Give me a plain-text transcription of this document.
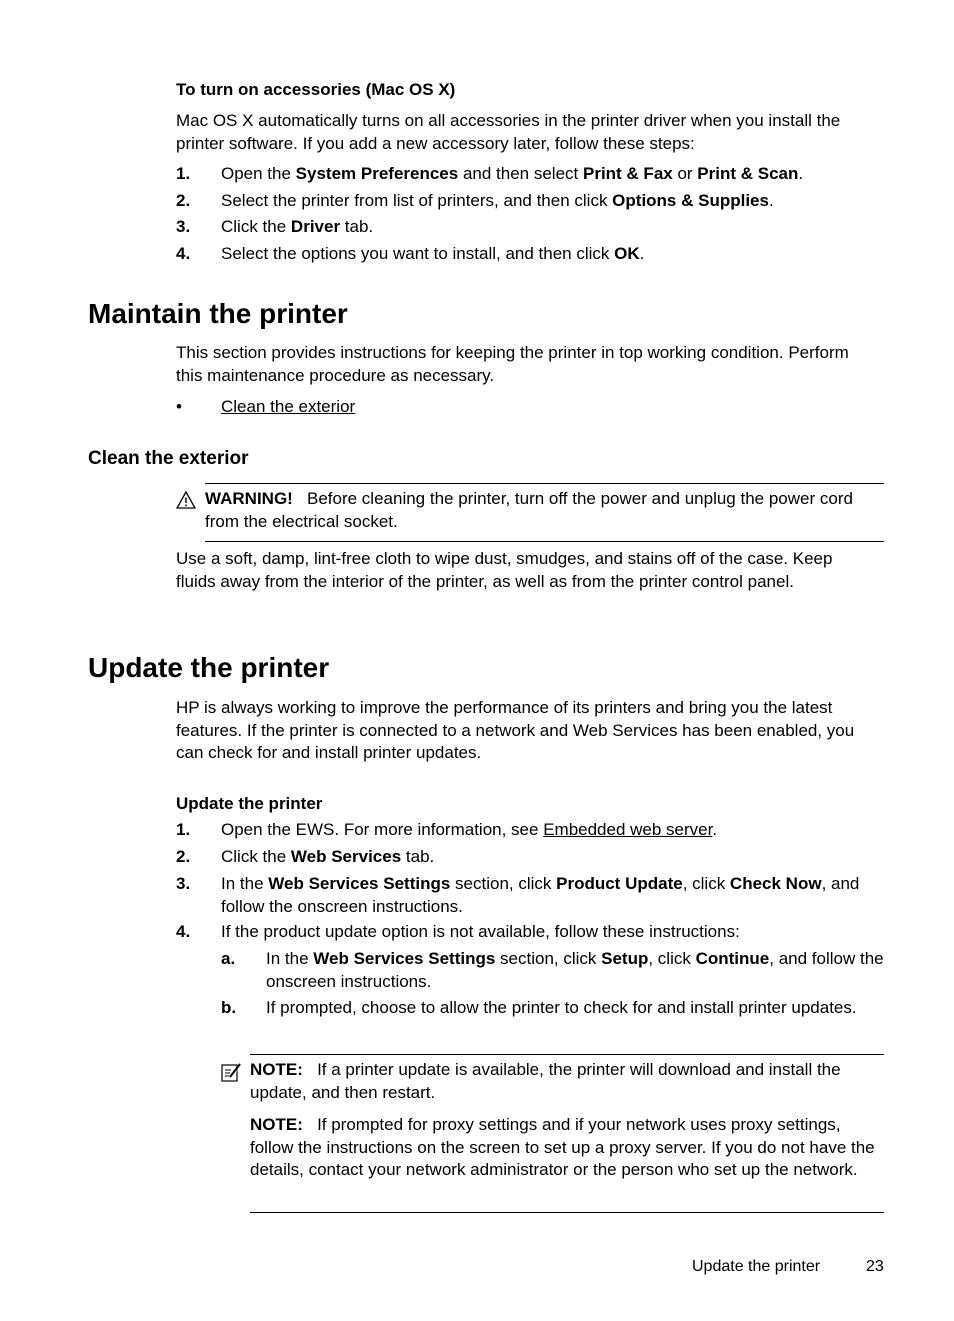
To turn on accessories (Mac OS X)

Mac OS X automatically turns on all accessories in the printer driver when you install the printer software. If you add a new accessory later, follow these steps:

1. Open the System Preferences and then select Print & Fax or Print & Scan.
2. Select the printer from list of printers, and then click Options & Supplies.
3. Click the Driver tab.
4. Select the options you want to install, and then click OK.
Maintain the printer

This section provides instructions for keeping the printer in top working condition. Perform this maintenance procedure as necessary.

• Clean the exterior
Clean the exterior

WARNING! Before cleaning the printer, turn off the power and unplug the power cord from the electrical socket.

Use a soft, damp, lint-free cloth to wipe dust, smudges, and stains off of the case. Keep fluids away from the interior of the printer, as well as from the printer control panel.

Update the printer

HP is always working to improve the performance of its printers and bring you the latest features. If the printer is connected to a network and Web Services has been enabled, you can check for and install printer updates.

Update the printer

1. Open the EWS. For more information, see Embedded web server.
2. Click the Web Services tab.
3. In the Web Services Settings section, click Product Update, click Check Now, and follow the onscreen instructions.
4. If the product update option is not available, follow these instructions:
a. In the Web Services Settings section, click Setup, click Continue, and follow the onscreen instructions.
b. If prompted, choose to allow the printer to check for and install printer updates.

NOTE: If a printer update is available, the printer will download and install the update, and then restart.

NOTE: If prompted for proxy settings and if your network uses proxy settings, follow the instructions on the screen to set up a proxy server. If you do not have the details, contact your network administrator or the person who set up the network.

Update the printer	23
